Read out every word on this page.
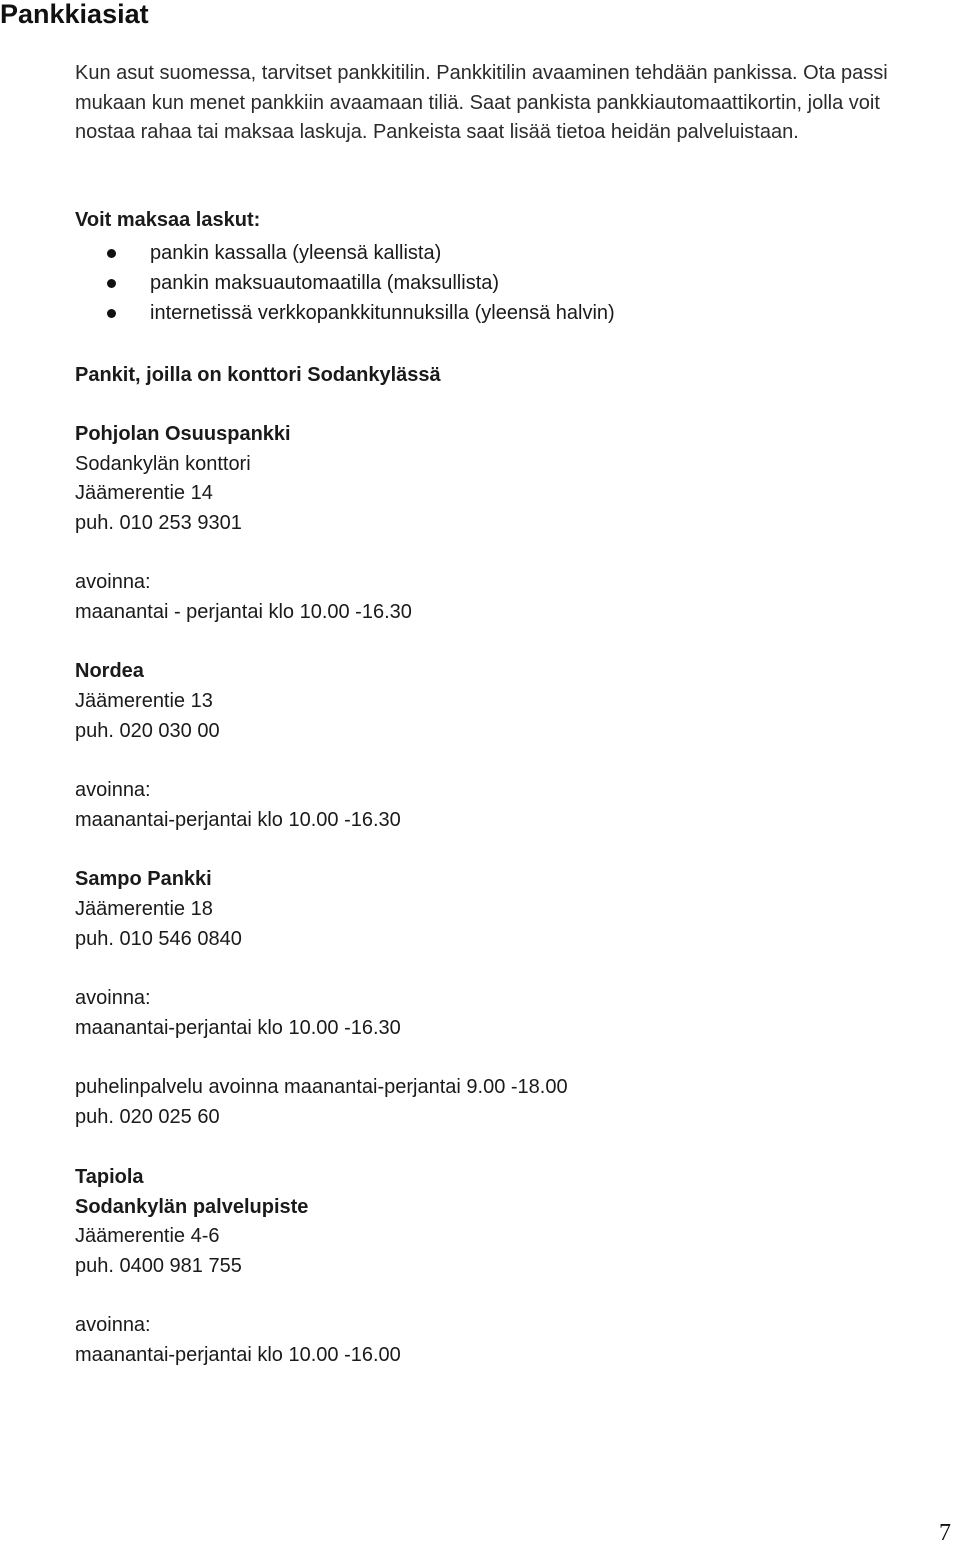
Pankkiasiat

Kun asut suomessa, tarvitset pankkitilin. Pankkitilin avaaminen tehdään pankissa. Ota passi mukaan kun menet pankkiin avaamaan tiliä. Saat pankista pankkiautomaattikortin, jolla voit nostaa rahaa tai maksaa laskuja. Pankeista saat lisää tietoa heidän palveluistaan.

Voit maksaa laskut:

pankin kassalla (yleensä kallista)
pankin maksuautomaatilla (maksullista)
internetissä verkkopankkitunnuksilla (yleensä halvin)

Pankit, joilla on konttori Sodankylässä

Pohjolan Osuuspankki

Sodankylän konttori

Jäämerentie 14

puh. 010 253 9301

avoinna:

maanantai - perjantai klo 10.00 -16.30

Nordea

Jäämerentie 13

puh. 020 030 00

avoinna:

maanantai-perjantai klo 10.00 -16.30

Sampo Pankki

Jäämerentie 18

puh. 010 546 0840

avoinna:

maanantai-perjantai klo 10.00 -16.30

puhelinpalvelu avoinna maanantai-perjantai 9.00 -18.00

puh. 020 025 60

Tapiola

Sodankylän palvelupiste

Jäämerentie 4-6

puh. 0400 981 755

avoinna:

maanantai-perjantai klo 10.00 -16.00

7
